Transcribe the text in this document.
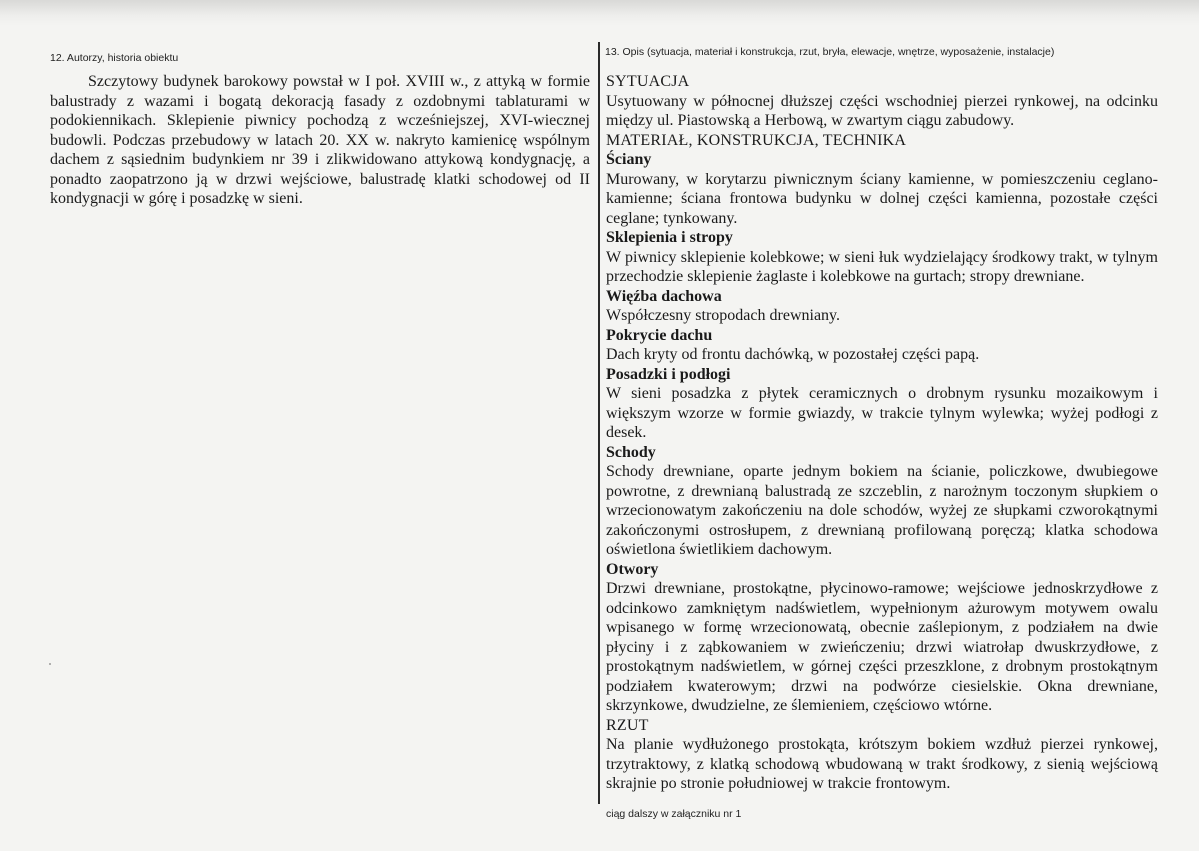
12. Autorzy, historia obiektu

Szczytowy budynek barokowy powstał w I poł. XVIII w., z attyką w formie balustrady z wazami i bogatą dekoracją fasady z ozdobnymi tablaturami w podokiennikach. Sklepienie piwnicy pochodzą z wcześniejszej, XVI-wiecznej budowli. Podczas przebudowy w latach 20. XX w. nakryto kamienicę wspólnym dachem z sąsiednim budynkiem nr 39 i zlikwidowano attykową kondygnację, a ponadto zaopatrzono ją w drzwi wejściowe, balustradę klatki schodowej od II kondygnacji w górę i posadzkę w sieni.

13. Opis (sytuacja, materiał i konstrukcja, rzut, bryła, elewacje, wnętrze, wyposażenie, instalacje)

SYTUACJA

Usytuowany w północnej dłuższej części wschodniej pierzei rynkowej, na odcinku między ul. Piastowską a Herbową, w zwartym ciągu zabudowy.

MATERIAŁ, KONSTRUKCJA, TECHNIKA

Ściany

Murowany, w korytarzu piwnicznym ściany kamienne, w pomieszczeniu ceglano-kamienne; ściana frontowa budynku w dolnej części kamienna, pozostałe części ceglane; tynkowany.

Sklepienia i stropy

W piwnicy sklepienie kolebkowe; w sieni łuk wydzielający środkowy trakt, w tylnym przechodzie sklepienie żaglaste i kolebkowe na gurtach; stropy drewniane.

Więźba dachowa

Współczesny stropodach drewniany.

Pokrycie dachu

Dach kryty od frontu dachówką, w pozostałej części papą.

Posadzki i podłogi

W sieni posadzka z płytek ceramicznych o drobnym rysunku mozaikowym i większym wzorze w formie gwiazdy, w trakcie tylnym wylewka; wyżej podłogi z desek.

Schody

Schody drewniane, oparte jednym bokiem na ścianie, policzkowe, dwubiegowe powrotne, z drewnianą balustradą ze szczeblin, z narożnym toczonym słupkiem o wrzecionowatym zakończeniu na dole schodów, wyżej ze słupkami czworokątnymi zakończonymi ostrosłupem, z drewnianą profilowaną poręczą; klatka schodowa oświetlona świetlikiem dachowym.

Otwory

Drzwi drewniane, prostokątne, płycinowo-ramowe; wejściowe jednoskrzydłowe z odcinkowo zamkniętym nadświetlem, wypełnionym ażurowym motywem owalu wpisanego w formę wrzecionowatą, obecnie zaślepionym, z podziałem na dwie płyciny i z ząbkowaniem w zwieńczeniu; drzwi wiatrołap dwuskrzydłowe, z prostokątnym nadświetlem, w górnej części przeszklone, z drobnym prostokątnym podziałem kwaterowym; drzwi na podwórze ciesielskie. Okna drewniane, skrzynkowe, dwudzielne, ze ślemieniem, częściowo wtórne.

RZUT

Na planie wydłużonego prostokąta, krótszym bokiem wzdłuż pierzei rynkowej, trzytraktowy, z klatką schodową wbudowaną w trakt środkowy, z sienią wejściową skrajnie po stronie południowej w trakcie frontowym.

ciąg dalszy w załączniku nr 1
